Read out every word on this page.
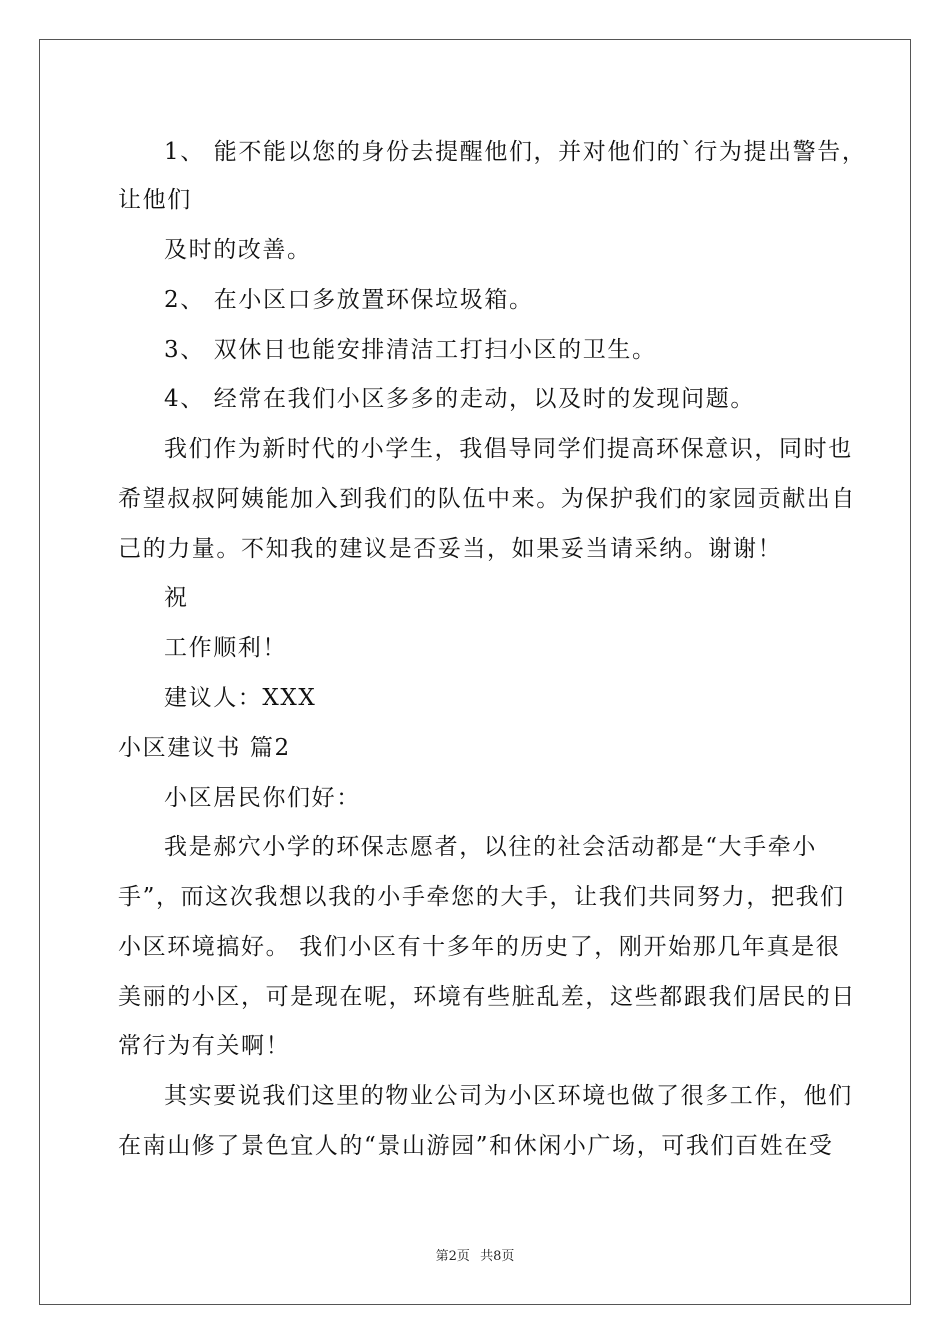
1、 能不能以您的身份去提醒他们，并对他们的`行为提出警告，
让他们
及时的改善。
2、 在小区口多放置环保垃圾箱。
3、 双休日也能安排清洁工打扫小区的卫生。
4、 经常在我们小区多多的走动，以及时的发现问题。
我们作为新时代的小学生，我倡导同学们提高环保意识，同时也
希望叔叔阿姨能加入到我们的队伍中来。为保护我们的家园贡献出自
己的力量。不知我的建议是否妥当，如果妥当请采纳。谢谢！
祝
工作顺利！
建议人：XXX
小区建议书 篇2
小区居民你们好：
我是郝穴小学的环保志愿者，以往的社会活动都是“大手牵小
手”，而这次我想以我的小手牵您的大手，让我们共同努力，把我们
小区环境搞好。 我们小区有十多年的历史了，刚开始那几年真是很
美丽的小区，可是现在呢，环境有些脏乱差，这些都跟我们居民的日
常行为有关啊！
其实要说我们这里的物业公司为小区环境也做了很多工作，他们
在南山修了景色宜人的“景山游园”和休闲小广场，可我们百姓在受
第2页 共8页
